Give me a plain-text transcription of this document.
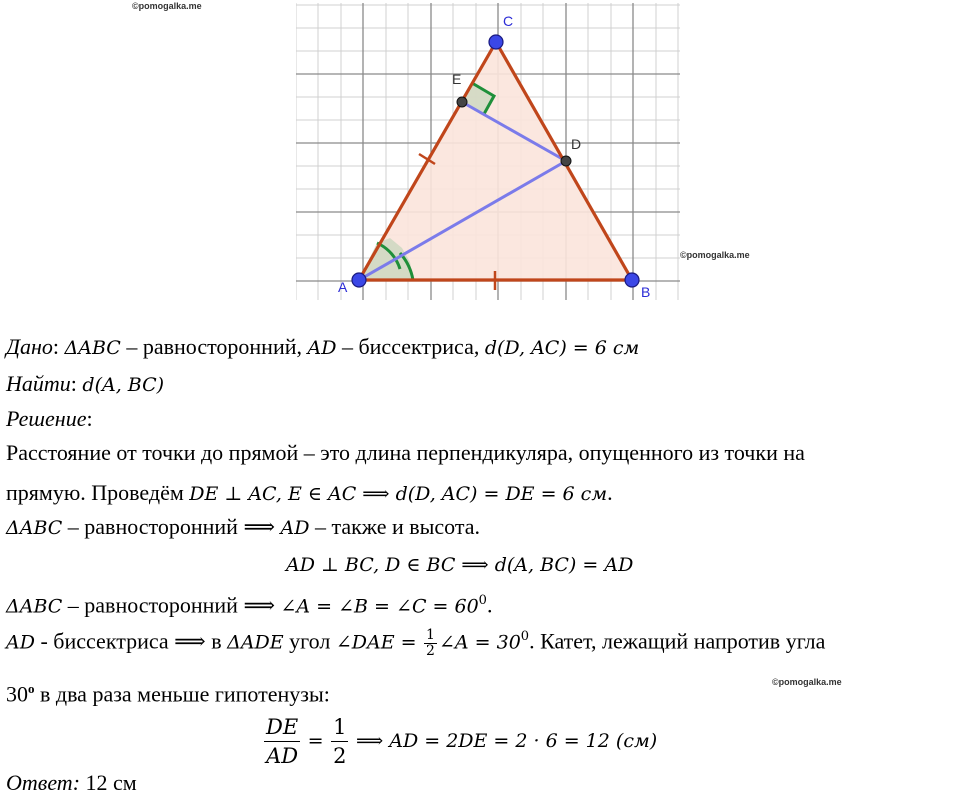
©pomogalka.me
©pomogalka.me
©pomogalka.me
A	B
C
D
E
Дано: ΔABC – равносторонний, AD – биссектриса, d(D, AC) = 6 см
Найти: d(A, BC)
Решение:
Расстояние от точки до прямой – это длина перпендикуляра, опущенного из точки на
прямую. Проведём DE ⊥ AC, E ∈ AC ⟹ d(D, AC) = DE = 6 см.
ΔABC – равносторонний ⟹ AD – также и высота.
AD ⊥ BC, D ∈ BC ⟹ d(A, BC) = AD
ΔABC – равносторонний ⟹ ∠A = ∠B = ∠C = $60^0$.
AD - биссектриса ⟹ в ΔADE угол ∠DAE = $\frac{1}{2}$ ∠A = $30^0$. Катет, лежащий напротив угла
30$^o$ в два раза меньше гипотенузы:
$\frac{DE}{AD} = \frac{1}{2}$ ⟹ AD = 2DE = 2 · 6 = 12 (см)
Ответ: 12 см
